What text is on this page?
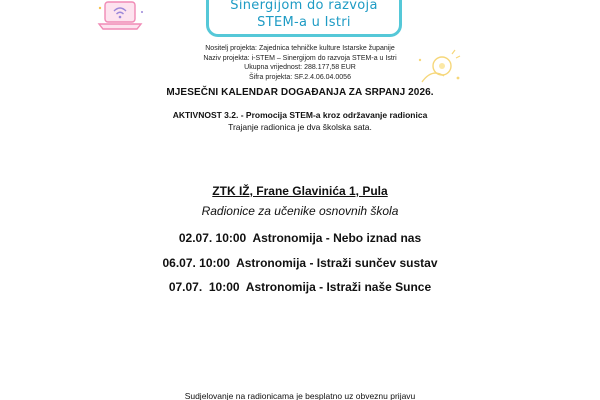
Sinergijom do razvoja
STEM-a u Istri
Nositelj projekta: Zajednica tehničke kulture Istarske županije
Naziv projekta: i-STEM – Sinergijom do razvoja STEM-a u Istri
Ukupna vrijednost: 288.177,58 EUR
Šifra projekta: SF.2.4.06.04.0056
MJESEČNI KALENDAR DOGAĐANJA ZA SRPANJ 2026.
AKTIVNOST 3.2. - Promocija STEM-a kroz održavanje radionica
Trajanje radionica je dva školska sata.
ZTK IŽ, Frane Glavinića 1, Pula
Radionice za učenike osnovnih škola
02.07. 10:00  Astronomija - Nebo iznad nas
06.07. 10:00  Astronomija - Istraži sunčev sustav
07.07.  10:00  Astronomija - Istraži naše Sunce
Sudjelovanje na radionicama je besplatno uz obveznu prijavu
